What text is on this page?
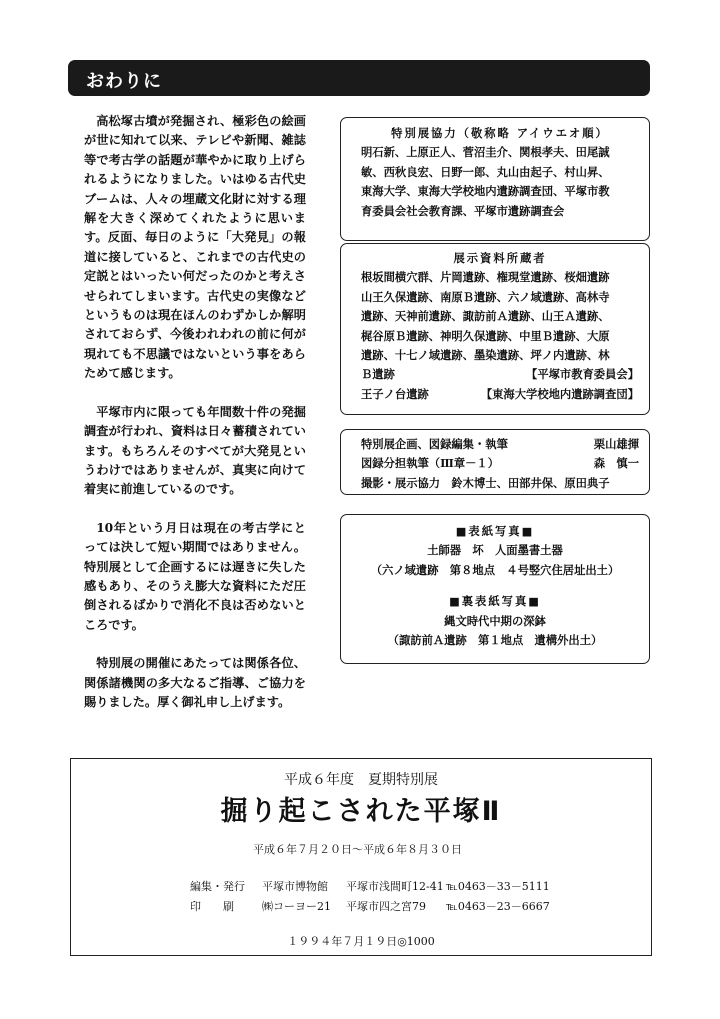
おわりに

高松塚古墳が発掘され、極彩色の絵画が世に知れて以来、テレビや新聞、雑誌等で考古学の話題が華やかに取り上げられるようになりました。いはゆる古代史ブームは、人々の埋蔵文化財に対する理解を大きく深めてくれたように思います。反面、毎日のように「大発見」の報道に接していると、これまでの古代史の定説とはいったい何だったのかと考えさせられてしまいます。古代史の実像などというものは現在ほんのわずかしか解明されておらず、今後われわれの前に何が現れても不思議ではないという事をあらためて感じます。

平塚市内に限っても年間数十件の発掘調査が行われ、資料は日々蓄積されています。もちろんそのすべてが大発見というわけではありませんが、真実に向けて着実に前進しているのです。

10年という月日は現在の考古学にとっては決して短い期間ではありません。特別展として企画するには遅きに失した感もあり、そのうえ膨大な資料にただ圧倒されるばかりで消化不良は否めないところです。

特別展の開催にあたっては関係各位、関係諸機関の多大なるご指導、ご協力を賜りました。厚く御礼申し上げます。

特別展協力（敬称略 アイウエオ順）
明石新、上原正人、菅沼圭介、関根孝夫、田尾誠
敏、西秋良宏、日野一郎、丸山由起子、村山昇、
東海大学、東海大学校地内遺跡調査団、平塚市教
育委員会社会教育課、平塚市遺跡調査会
展示資料所蔵者
根坂間横穴群、片岡遺跡、権現堂遺跡、桜畑遺跡
山王久保遺跡、南原Ｂ遺跡、六ノ域遺跡、高林寺
遺跡、天神前遺跡、諏訪前Ａ遺跡、山王Ａ遺跡、
梶谷原Ｂ遺跡、神明久保遺跡、中里Ｂ遺跡、大原
遺跡、十七ノ域遺跡、墨染遺跡、坪ノ内遺跡、林
Ｂ遺跡	【平塚市教育委員会】
王子ノ台遺跡	【東海大学校地内遺跡調査団】
特別展企画、図録編集・執筆	栗山雄揮
図録分担執筆（Ⅲ章－１）	森　慎一
撮影・展示協力　鈴木博士、田部井保、原田典子
■表紙写真■
土師器　坏　人面墨書土器
（六ノ域遺跡　第８地点　４号竪穴住居址出土）
■裏表紙写真■
縄文時代中期の深鉢
（諏訪前Ａ遺跡　第１地点　遺構外出土）
平成６年度　夏期特別展
掘り起こされた平塚Ⅱ
平成６年７月２０日〜平成６年８月３０日
編集・発行 平塚市博物館 平塚市浅間町12-41 ℡0463－33－5111
印　　刷	㈱コーヨー21 平塚市四之宮79 ℡0463－23－6667
１９９４年７月１９日◎1000
